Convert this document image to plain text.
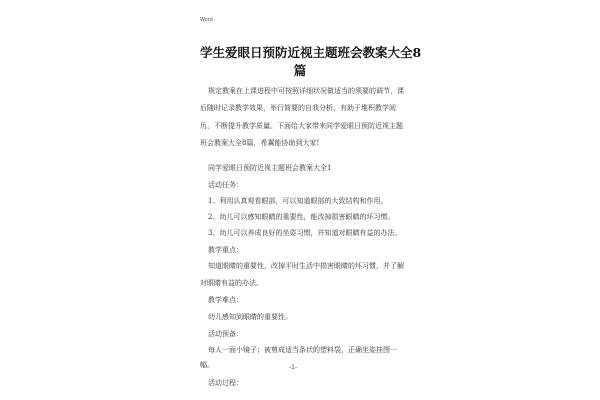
Word
学生爱眼日预防近视主题班会教案大全8
篇
规定教案在上课进程中可按照详细状况做适当的须要的调节，课
后随时记录教学效果，举行简要的自我分析，有助于堆积教学阅
历，不断提升教学质量。下面给大家带来同学爱眼日预防近视主题
班会教案大全8篇，希翼能协助到大家!
同学爱眼日预防近视主题班会教案大全1
活动任务：
1、利用认真观看眼部，可以知道眼部的大致结构和作用。
2、幼儿可以感知眼睛的重要性，能改掉损害眼睛的坏习惯。
3、幼儿可以养成良好的坐姿习惯，并知道对眼睛有益的办法。
教学重点：
知道眼睛的重要性，改掉平时生活中损害眼睛的坏习惯，并了解
对眼睛有益的办法。
教学难点：
幼儿感知到眼睛的重要性。
活动预备：
每人一面小镜子；被剪成适当条状的塑料袋，正确坐姿挂图一
幅。
活动过程：
-1-
